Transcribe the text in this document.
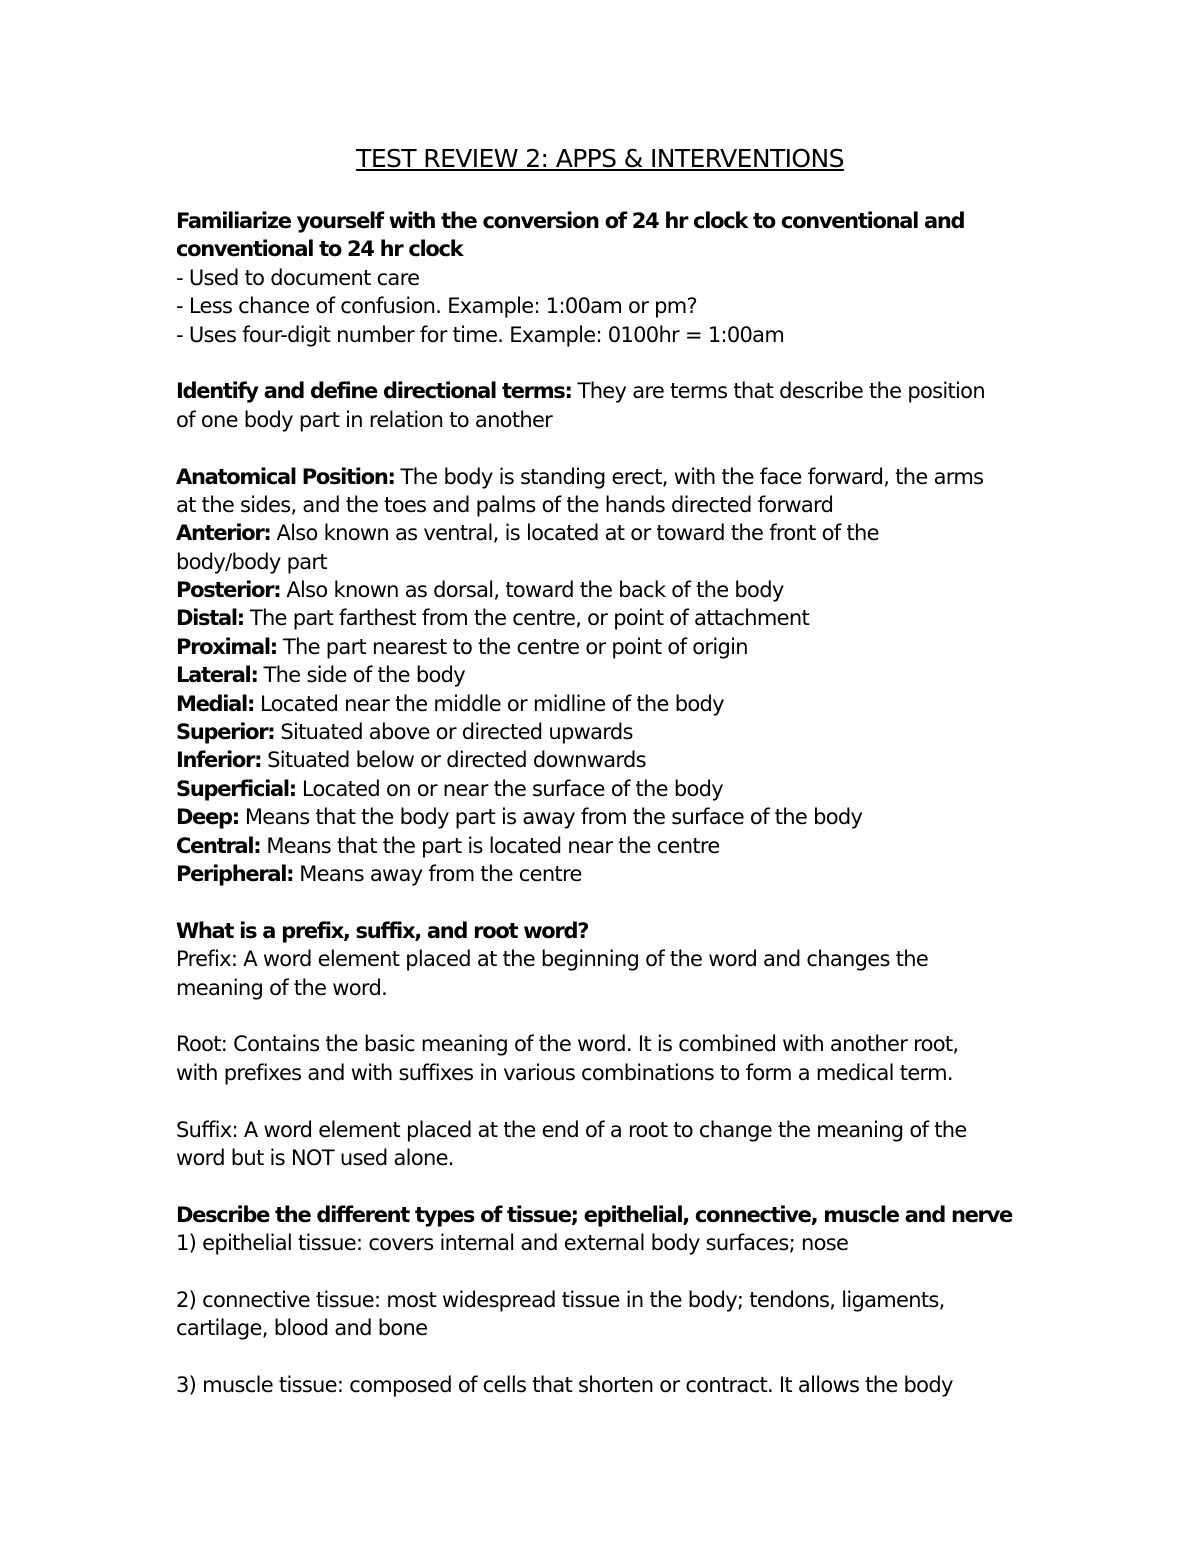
TEST REVIEW 2: APPS & INTERVENTIONS
Familiarize yourself with the conversion of 24 hr clock to conventional and
conventional to 24 hr clock
- Used to document care
- Less chance of confusion. Example: 1:00am or pm?
- Uses four-digit number for time. Example: 0100hr = 1:00am
Identify and define directional terms: They are terms that describe the position
of one body part in relation to another
Anatomical Position: The body is standing erect, with the face forward, the arms
at the sides, and the toes and palms of the hands directed forward
Anterior: Also known as ventral, is located at or toward the front of the
body/body part
Posterior: Also known as dorsal, toward the back of the body
Distal: The part farthest from the centre, or point of attachment
Proximal: The part nearest to the centre or point of origin
Lateral: The side of the body
Medial: Located near the middle or midline of the body
Superior: Situated above or directed upwards
Inferior: Situated below or directed downwards
Superficial: Located on or near the surface of the body
Deep: Means that the body part is away from the surface of the body
Central: Means that the part is located near the centre
Peripheral: Means away from the centre
What is a prefix, suffix, and root word?
Prefix: A word element placed at the beginning of the word and changes the
meaning of the word.
Root: Contains the basic meaning of the word. It is combined with another root,
with prefixes and with suffixes in various combinations to form a medical term.
Suffix: A word element placed at the end of a root to change the meaning of the
word but is NOT used alone.
Describe the different types of tissue; epithelial, connective, muscle and nerve
1) epithelial tissue: covers internal and external body surfaces; nose
2) connective tissue: most widespread tissue in the body; tendons, ligaments,
cartilage, blood and bone
3) muscle tissue: composed of cells that shorten or contract. It allows the body
